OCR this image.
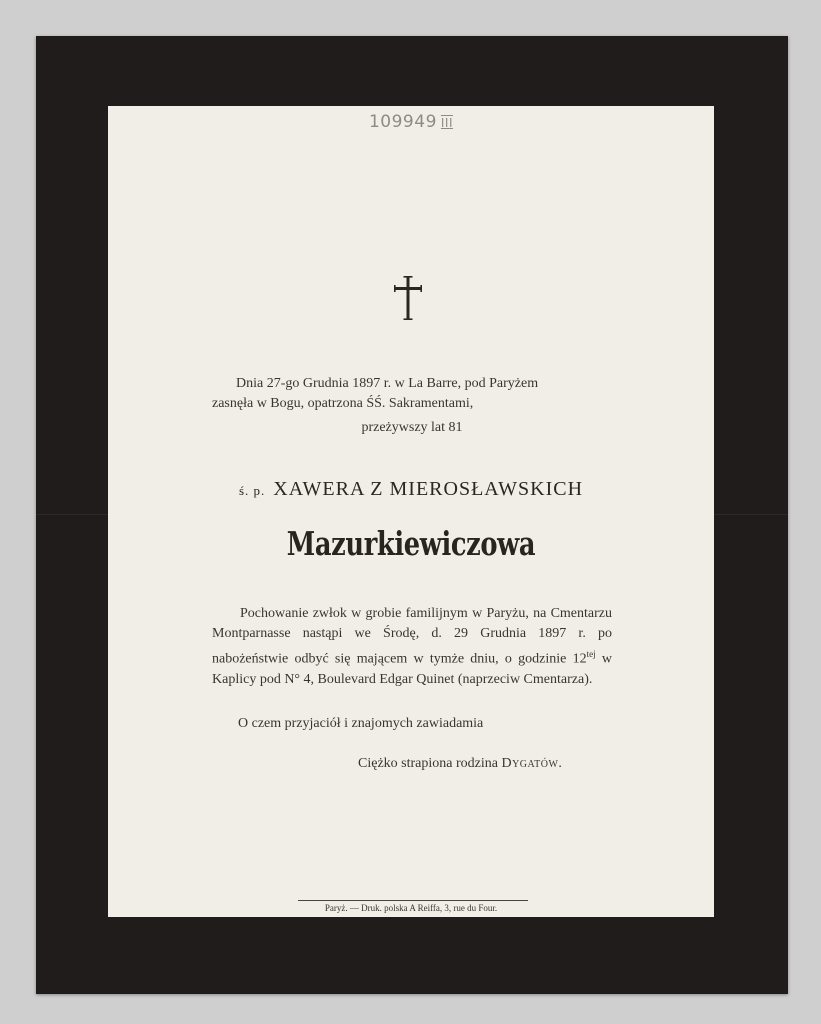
109949 III
Dnia 27-go Grudnia 1897 r. w La Barre, pod Paryżem
zasnęła w Bogu, opatrzona ŚŚ. Sakramentami,
przeżywszy lat 81
ś. p. XAWERA Z MIEROSŁAWSKICH
Mazurkiewiczowa
Pochowanie zwłok w grobie familijnym w Paryżu, na Cmentarzu Montparnasse nastąpi we Środę, d. 29 Grudnia 1897 r. po nabożeństwie odbyć się mającem w tymże dniu, o godzinie $12^{tej}$ w Kaplicy pod N° 4, Boulevard Edgar Quinet (naprzeciw Cmentarza).
O czem przyjaciół i znajomych zawiadamia
Ciężko strapiona rodzina Dygatów.
Paryż. — Druk. polska A Reiffa, 3, rue du Four.
